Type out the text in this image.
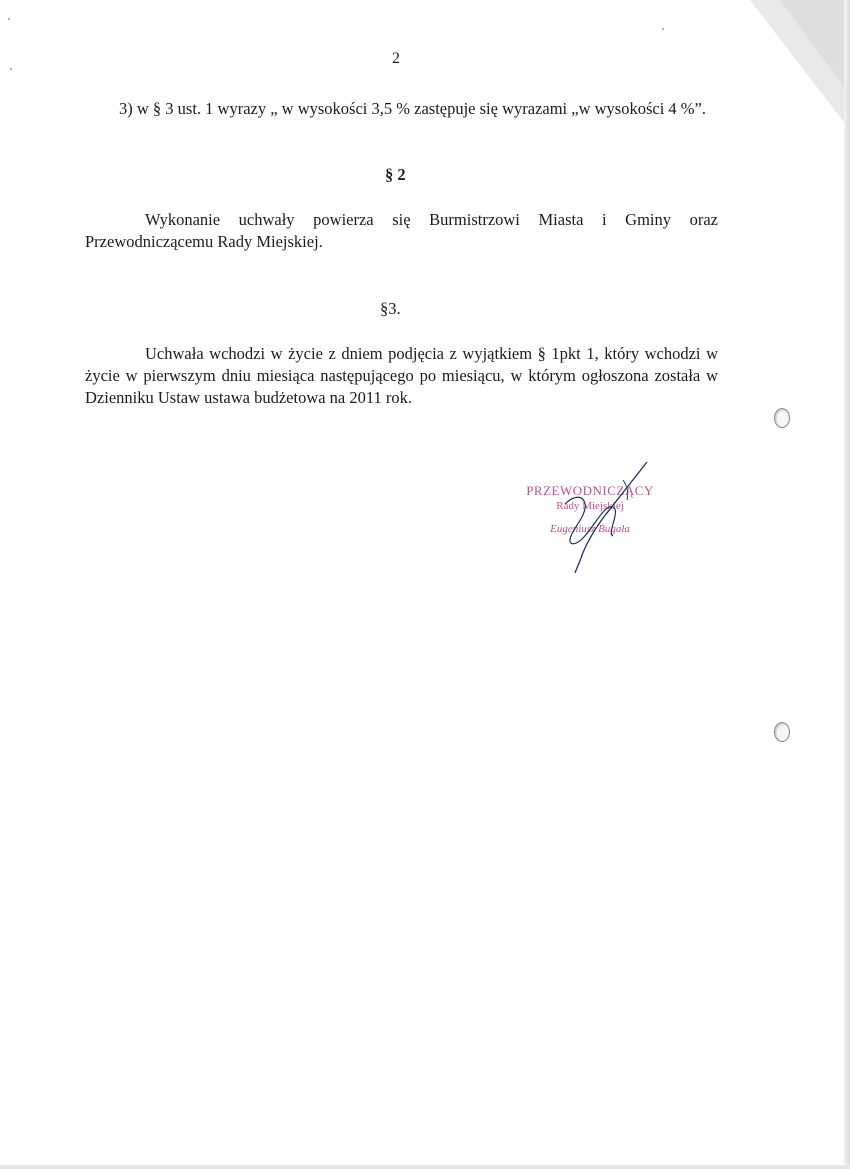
2

3) w § 3 ust. 1 wyrazy „ w wysokości 3,5 % zastępuje się wyrazami „w wysokości 4 %”.

§ 2

Wykonanie uchwały powierza się Burmistrzowi Miasta i Gminy oraz Przewodniczącemu Rady Miejskiej.

§3.

Uchwała wchodzi w życie z dniem podjęcia z wyjątkiem § 1pkt 1, który wchodzi w życie w pierwszym dniu miesiąca następującego po miesiącu, w którym ogłoszona została w Dzienniku Ustaw ustawa budżetowa na 2011 rok.

PRZEWODNICZĄCY
Rady Miejskiej
Eugeniusz Bugała
